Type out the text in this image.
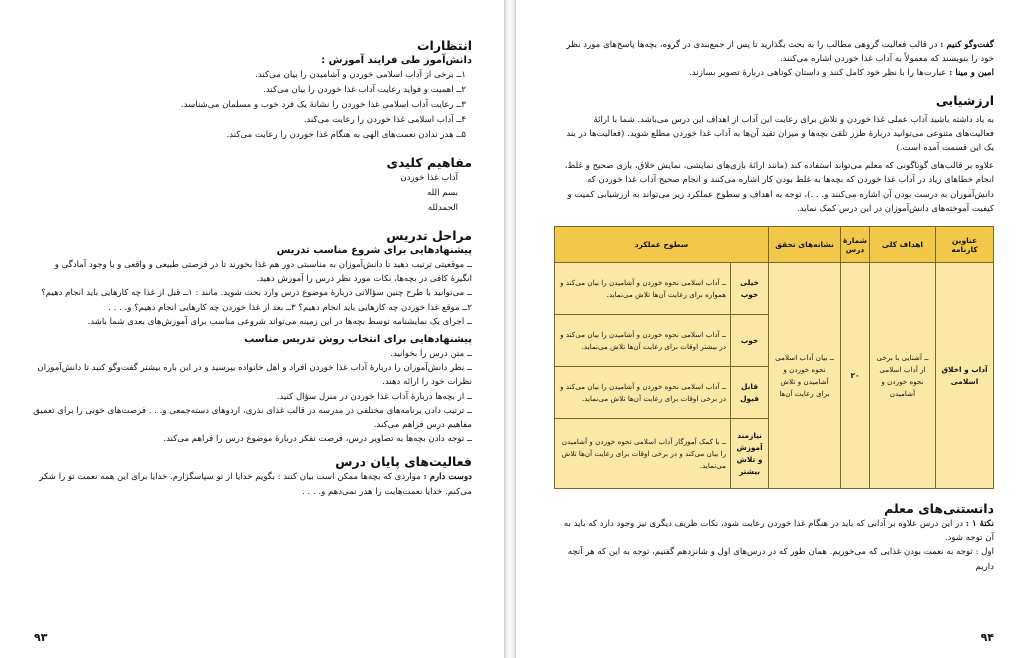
انتظارات
دانش‌آموز طی فرایند آموزش :
۱ــ برخی از آداب اسلامی خوردن و آشامیدن را بیان می‌کند.
۲ــ اهمیت و فواید رعایت آداب غذا خوردن را بیان می‌کند.
۳ــ رعایت آداب اسلامی غذا خوردن را نشانهٔ یک فرد خوب و مسلمان می‌شناسد.
۴ــ آداب اسلامی غذا خوردن را رعایت می‌کند.
۵ــ هدر ندادن نعمت‌های الهی به هنگام غذا خوردن را رعایت می‌کند.
مفاهیم کلیدی
آداب غذا خوردن
بسم الله
الحمدلله
مراحل تدریس
پیشنهادهایی برای شروع مناسب تدریس
ــ موقعیتی ترتیب دهید تا دانش‌آموزان به مناسبتی دور هم غذا بخورند تا در فرصتی طبیعی و واقعی و با وجود آمادگی و انگیزهٔ کافی در بچه‌ها، نکات مورد نظر درس را آموزش دهید.
ــ می‌توانید با طرح چنین سؤالاتی دربارهٔ موضوع درس وارد بحث شوید. مانند : ۱ــ قبل از غذا چه کارهایی باید انجام دهیم؟ ۲ــ موقع غذا خوردن چه کارهایی باید انجام دهیم؟ ۳ــ بعد از غذا خوردن چه کارهایی انجام دهیم؟ و. . . .
ــ اجرای یک نمایشنامه توسط بچه‌ها در این زمینه می‌تواند شروعی مناسب برای آموزش‌های بعدی شما باشد.
پیشنهادهایی برای انتخاب روش تدریس مناسب
ــ متن درس را بخوانید.
ــ نظر دانش‌آموزان را دربارهٔ آداب غذا خوردن افراد و اهل خانواده بپرسید و در این باره بیشتر گفت‌وگو کنید تا دانش‌آموزان نظرات خود را ارائه دهند.
ــ از بچه‌ها دربارهٔ آداب غذا خوردن در منزل سؤال کنید.
ــ ترتیب دادن برنامه‌های مختلفی در مدرسه در قالب غذای نذری، اردوهای دسته‌جمعی و. . . فرصت‌های خوبی را برای تعمیق مفاهیم درس فراهم می‌کند.
ــ توجه دادن بچه‌ها به تصاویر درس، فرصت تفکر دربارهٔ موضوع درس را فراهم می‌کند.
فعالیت‌های پایان درس
دوست دارم : مواردی که بچه‌ها ممکن است بیان کنند : بگویم خدایا از تو سپاسگزارم. خدایا برای این همه نعمت تو را شکر می‌کنم. خدایا نعمت‌هایت را هدر نمی‌دهم و. . . .
۹۳
گفت‌وگو کنیم : در قالب فعالیت گروهی مطالب را به بحث بگذارید تا پس از جمع‌بندی در گروه، بچه‌ها پاسخ‌های مورد نظر خود را بنویسند که معمولاً به آداب غذا خوردن اشاره می‌کنند.
امین و مینا : عبارت‌ها را با نظر خود کامل کنند و داستان کوتاهی دربارهٔ تصویر بسازند.
ارزشیابی
به یاد داشته باشید آداب عملی غذا خوردن و تلاش برای رعایت این آداب از اهداف این درس می‌باشد. شما با ارائهٔ فعالیت‌های متنوعی می‌توانید دربارهٔ طرز تلقی بچه‌ها و میزان تقید آن‌ها به آداب غذا خوردن مطلع شوید. (فعالیت‌ها در بند یک این قسمت آمده است.)
علاوه بر قالب‌های گوناگونی که معلم می‌تواند استفاده کند (مانند ارائهٔ بازی‌های نمایشی، نمایش خلاق، بازی صحیح و غلط، انجام خطاهای زیاد در آداب غذا خوردن که بچه‌ها به غلط بودن کار اشاره می‌کنند و انجام صحیح آداب غذا خوردن که دانش‌آموزان به درست بودن آن اشاره می‌کنند و. . .)، توجه به اهداف و سطوح عملکرد زیر می‌تواند به ارزشیابی کمیت و کیفیت آموخته‌های دانش‌آموزان در این درس کمک نماید.
عناوین کارنامه	اهداف کلی	شمارهٔ درس	نشانه‌های تحقق	سطوح عملکرد	
آداب و اخلاق اسلامی	ــ آشنایی با برخی از آداب اسلامی نحوه خوردن و آشامیدن	۲۰	ــ بیان آداب اسلامی نحوه خوردن و آشامیدن و تلاش برای رعایت آن‌ها	خیلی خوب	ــ آداب اسلامی نحوه خوردن و آشامیدن را بیان می‌کند و همواره برای رعایت آن‌ها تلاش می‌نماید.
				خوب	ــ آداب اسلامی نحوه خوردن و آشامیدن را بیان می‌کند و در بیشتر اوقات برای رعایت آن‌ها تلاش می‌نماید.
				قابل قبول	ــ آداب اسلامی نحوه خوردن و آشامیدن را بیان می‌کند و در برخی اوقات برای رعایت آن‌ها تلاش می‌نماید.
				نیازمند آموزش و تلاش بیشتر	ــ با کمک آموزگار آداب اسلامی نحوه خوردن و آشامیدن را بیان می‌کند و در برخی اوقات برای رعایت آن‌ها تلاش می‌نماید.
دانستنی‌های معلم
نکتهٔ ۱ : در این درس علاوه بر آدابی که باید در هنگام غذا خوردن رعایت شود، نکات ظریف دیگری نیز وجود دارد که باید به آن توجه شود.
اول : توجه به نعمت بودن غذایی که می‌خوریم. همان طور که در درس‌های اول و شانزدهم گفتیم، توجه به این که هر آنچه داریم
۹۴
